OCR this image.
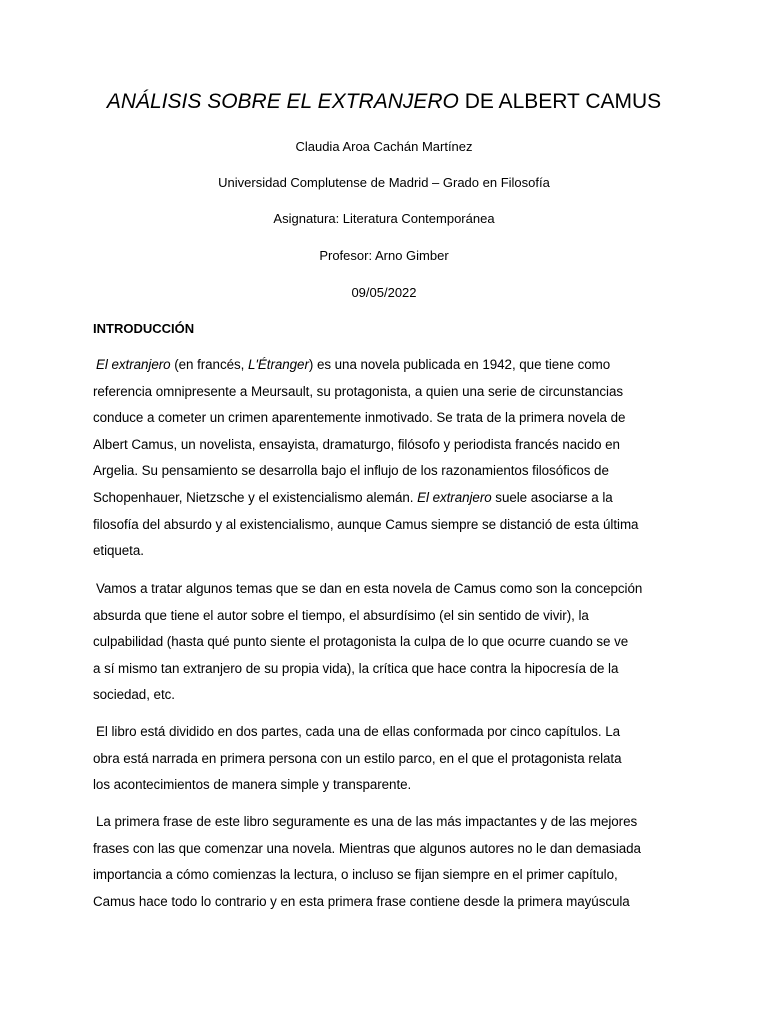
ANÁLISIS SOBRE EL EXTRANJERO DE ALBERT CAMUS

Claudia Aroa Cachán Martínez

Universidad Complutense de Madrid – Grado en Filosofía

Asignatura: Literatura Contemporánea

Profesor: Arno Gimber

09/05/2022

INTRODUCCIÓN

El extranjero (en francés, L'Étranger) es una novela publicada en 1942, que tiene como
referencia omnipresente a Meursault, su protagonista, a quien una serie de circunstancias
conduce a cometer un crimen aparentemente inmotivado. Se trata de la primera novela de
Albert Camus, un novelista, ensayista, dramaturgo, filósofo y periodista francés nacido en
Argelia. Su pensamiento se desarrolla bajo el influjo de los razonamientos filosóficos de
Schopenhauer, Nietzsche y el existencialismo alemán. El extranjero suele asociarse a la
filosofía del absurdo y al existencialismo, aunque Camus siempre se distanció de esta última
etiqueta.
Vamos a tratar algunos temas que se dan en esta novela de Camus como son la concepción
absurda que tiene el autor sobre el tiempo, el absurdísimo (el sin sentido de vivir), la
culpabilidad (hasta qué punto siente el protagonista la culpa de lo que ocurre cuando se ve
a sí mismo tan extranjero de su propia vida), la crítica que hace contra la hipocresía de la
sociedad, etc.
El libro está dividido en dos partes, cada una de ellas conformada por cinco capítulos. La
obra está narrada en primera persona con un estilo parco, en el que el protagonista relata
los acontecimientos de manera simple y transparente.
La primera frase de este libro seguramente es una de las más impactantes y de las mejores
frases con las que comenzar una novela. Mientras que algunos autores no le dan demasiada
importancia a cómo comienzas la lectura, o incluso se fijan siempre en el primer capítulo,
Camus hace todo lo contrario y en esta primera frase contiene desde la primera mayúscula
